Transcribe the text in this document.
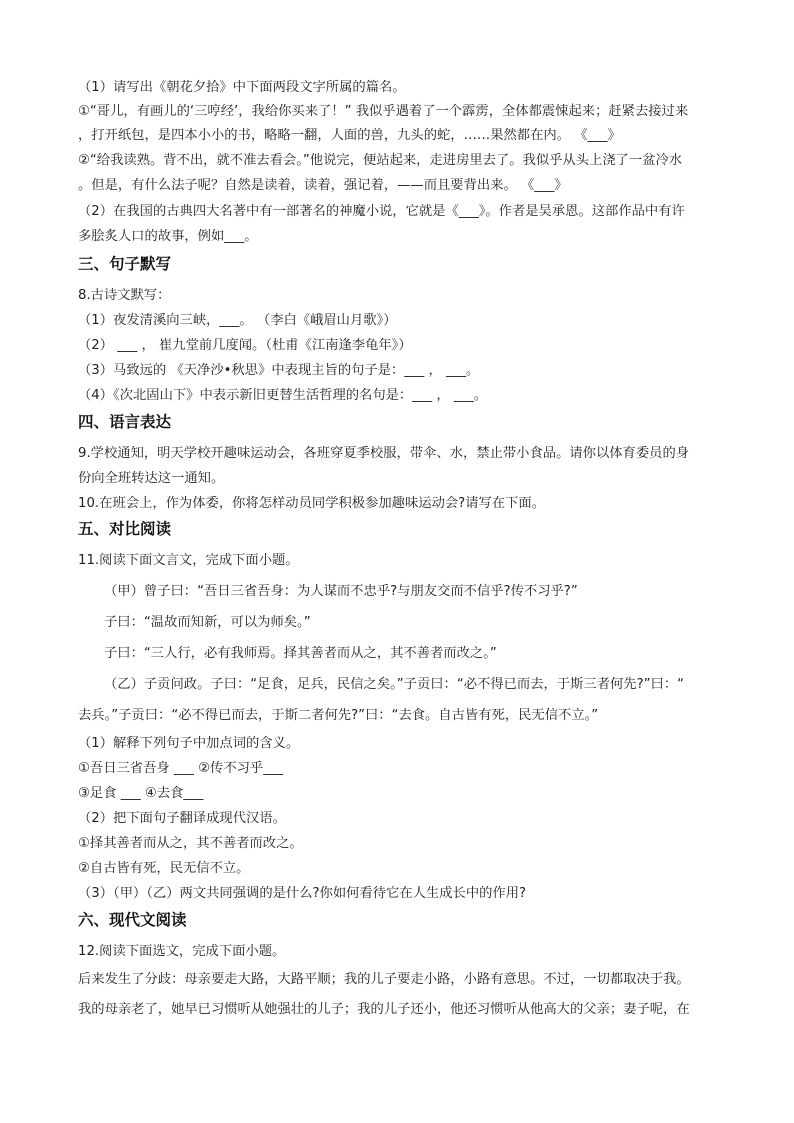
（1）请写出《朝花夕拾》中下面两段文字所属的篇名。
①“哥儿，有画儿的‘三哼经’，我给你买来了！” 我似乎遇着了一个霹雳，全体都震悚起来；赶紧去接过来
，打开纸包，是四本小小的书，略略一翻，人面的兽，九头的蛇，……果然都在内。 《___》
②“给我读熟。背不出，就不准去看会。”他说完，便站起来，走进房里去了。我似乎从头上浇了一盆冷水
。但是，有什么法子呢？自然是读着，读着，强记着，——而且要背出来。 《___》
（2）在我国的古典四大名著中有一部著名的神魔小说，它就是《___》。作者是吴承恩。这部作品中有许
多脍炙人口的故事，例如___。
三、句子默写
8.古诗文默写：
（1）夜发清溪向三峡，___。 （李白《峨眉山月歌》）
（2） ___ ， 崔九堂前几度闻。（杜甫《江南逢李龟年》）
（3）马致远的 《天净沙•秋思》中表现主旨的句子是：___ ， ___。
（4）《次北固山下》中表示新旧更替生活哲理的名句是：___ ， ___。
四、语言表达
9.学校通知，明天学校开趣味运动会，各班穿夏季校服，带伞、水，禁止带小食品。请你以体育委员的身
份向全班转达这一通知。
10.在班会上，作为体委，你将怎样动员同学积极参加趣味运动会?请写在下面。
五、对比阅读
11.阅读下面文言文，完成下面小题。
（甲）曾子曰：“吾日三省吾身：为人谋而不忠乎?与朋友交而不信乎?传不习乎?”
子曰：“温故而知新，可以为师矣。”
子曰：“三人行，必有我师焉。择其善者而从之，其不善者而改之。”
（乙）子贡问政。子曰：“足食，足兵，民信之矣。”子贡曰：“必不得已而去，于斯三者何先?”曰：“
去兵。”子贡曰：“必不得已而去，于斯二者何先?”曰：“去食。自古皆有死，民无信不立。”
（1）解释下列句子中加点词的含义。
①吾日三省吾身 ___ ②传不习乎___
③足食 ___ ④去食___
（2）把下面句子翻译成现代汉语。
①择其善者而从之，其不善者而改之。
②自古皆有死，民无信不立。
（3）（甲）（乙）两文共同强调的是什么?你如何看待它在人生成长中的作用?
六、现代文阅读
12.阅读下面选文，完成下面小题。
后来发生了分歧：母亲要走大路，大路平顺；我的儿子要走小路，小路有意思。不过，一切都取决于我。
我的母亲老了，她早已习惯听从她强壮的儿子；我的儿子还小，他还习惯听从他高大的父亲；妻子呢，在
